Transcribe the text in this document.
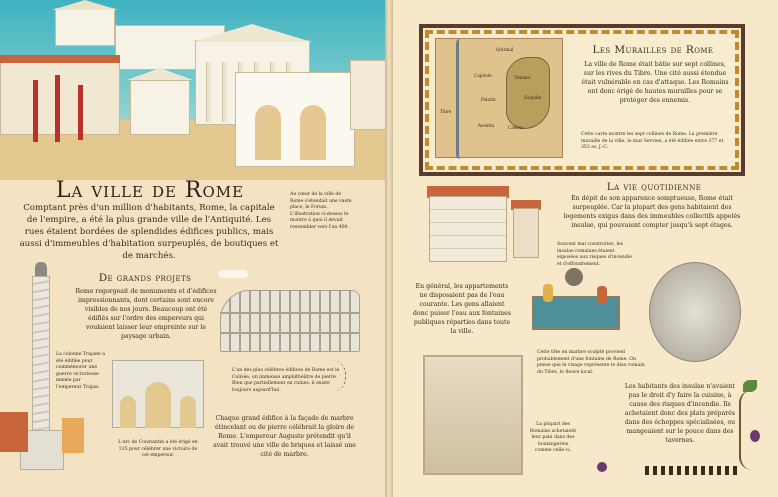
La ville de Rome
Comptant près d'un million d'habitants, Rome, la capitale de l'empire, a été la plus grande ville de l'Antiquité. Les rues étaient bordées de splendides édifices publics, mais aussi d'immeubles d'habitation surpeuplés, de boutiques et de marchés.
Au cœur de la ville de Rome s'étendait une vaste place, le Forum. L'illustration ci-dessus te montre à quoi il devait ressembler vers l'an 400.
De grands projets
Rome regorgeait de monuments et d'édifices impressionnants, dont certains sont encore visibles de nos jours. Beaucoup ont été édifiés sur l'ordre des empereurs qui voulaient laisser leur empreinte sur le paysage urbain.
La colonne Trajane a été édifiée pour commémorer une guerre victorieuse menée par l'empereur Trajan.
L'un des plus célèbres édifices de Rome est le Colisée, un immense amphithéâtre de pierre. Bien que partiellement en ruines, il existe toujours aujourd'hui.
L'arc de Constantin a été érigé en 315 pour célébrer une victoire de cet empereur.
Chaque grand édifice à la façade de marbre étincelant ou de pierre célébrait la gloire de Rome. L'empereur Auguste prétendit qu'il avait trouvé une ville de briques et laissé une cité de marbre.
Quirinal
Viminal
Capitole
Esquilin
Palatin
Caelius
Aventin
Tibre
Les Murailles de Rome
La ville de Rome était bâtie sur sept collines, sur les rives du Tibre. Une cité aussi étendue était vulnérable en cas d'attaque. Les Romains ont donc érigé de hautes murailles pour se protéger des ennemis.
Cette carte montre les sept collines de Rome. La première muraille de la ville, le mur Servien, a été édifiée entre 377 et 353 av. J.-C.
La vie quotidienne
En dépit de son apparence somptueuse, Rome était surpeuplée. Car la plupart des gens habitaient des logements exigus dans des immeubles collectifs appelés insulae, qui pouvaient compter jusqu'à sept étages.
Souvent mal construites, les insulae romaines étaient exposées aux risques d'incendie et d'effondrement.
En général, les appartements ne disposaient pas de l'eau courante. Les gens allaient donc puiser l'eau aux fontaines publiques réparties dans toute la ville.
Cette tête en marbre sculpté provient probablement d'une fontaine de Rome. On pense que le visage représente le dieu romain du Tibre, le fleuve local.
La plupart des Romains achetaient leur pain dans des boulangeries comme celle-ci.
Les habitants des insulae n'avaient pas le droit d'y faire la cuisine, à cause des risques d'incendie. Ils achetaient donc des plats préparés dans des échoppes spécialisées, ou mangeaient sur le pouce dans des tavernes.
